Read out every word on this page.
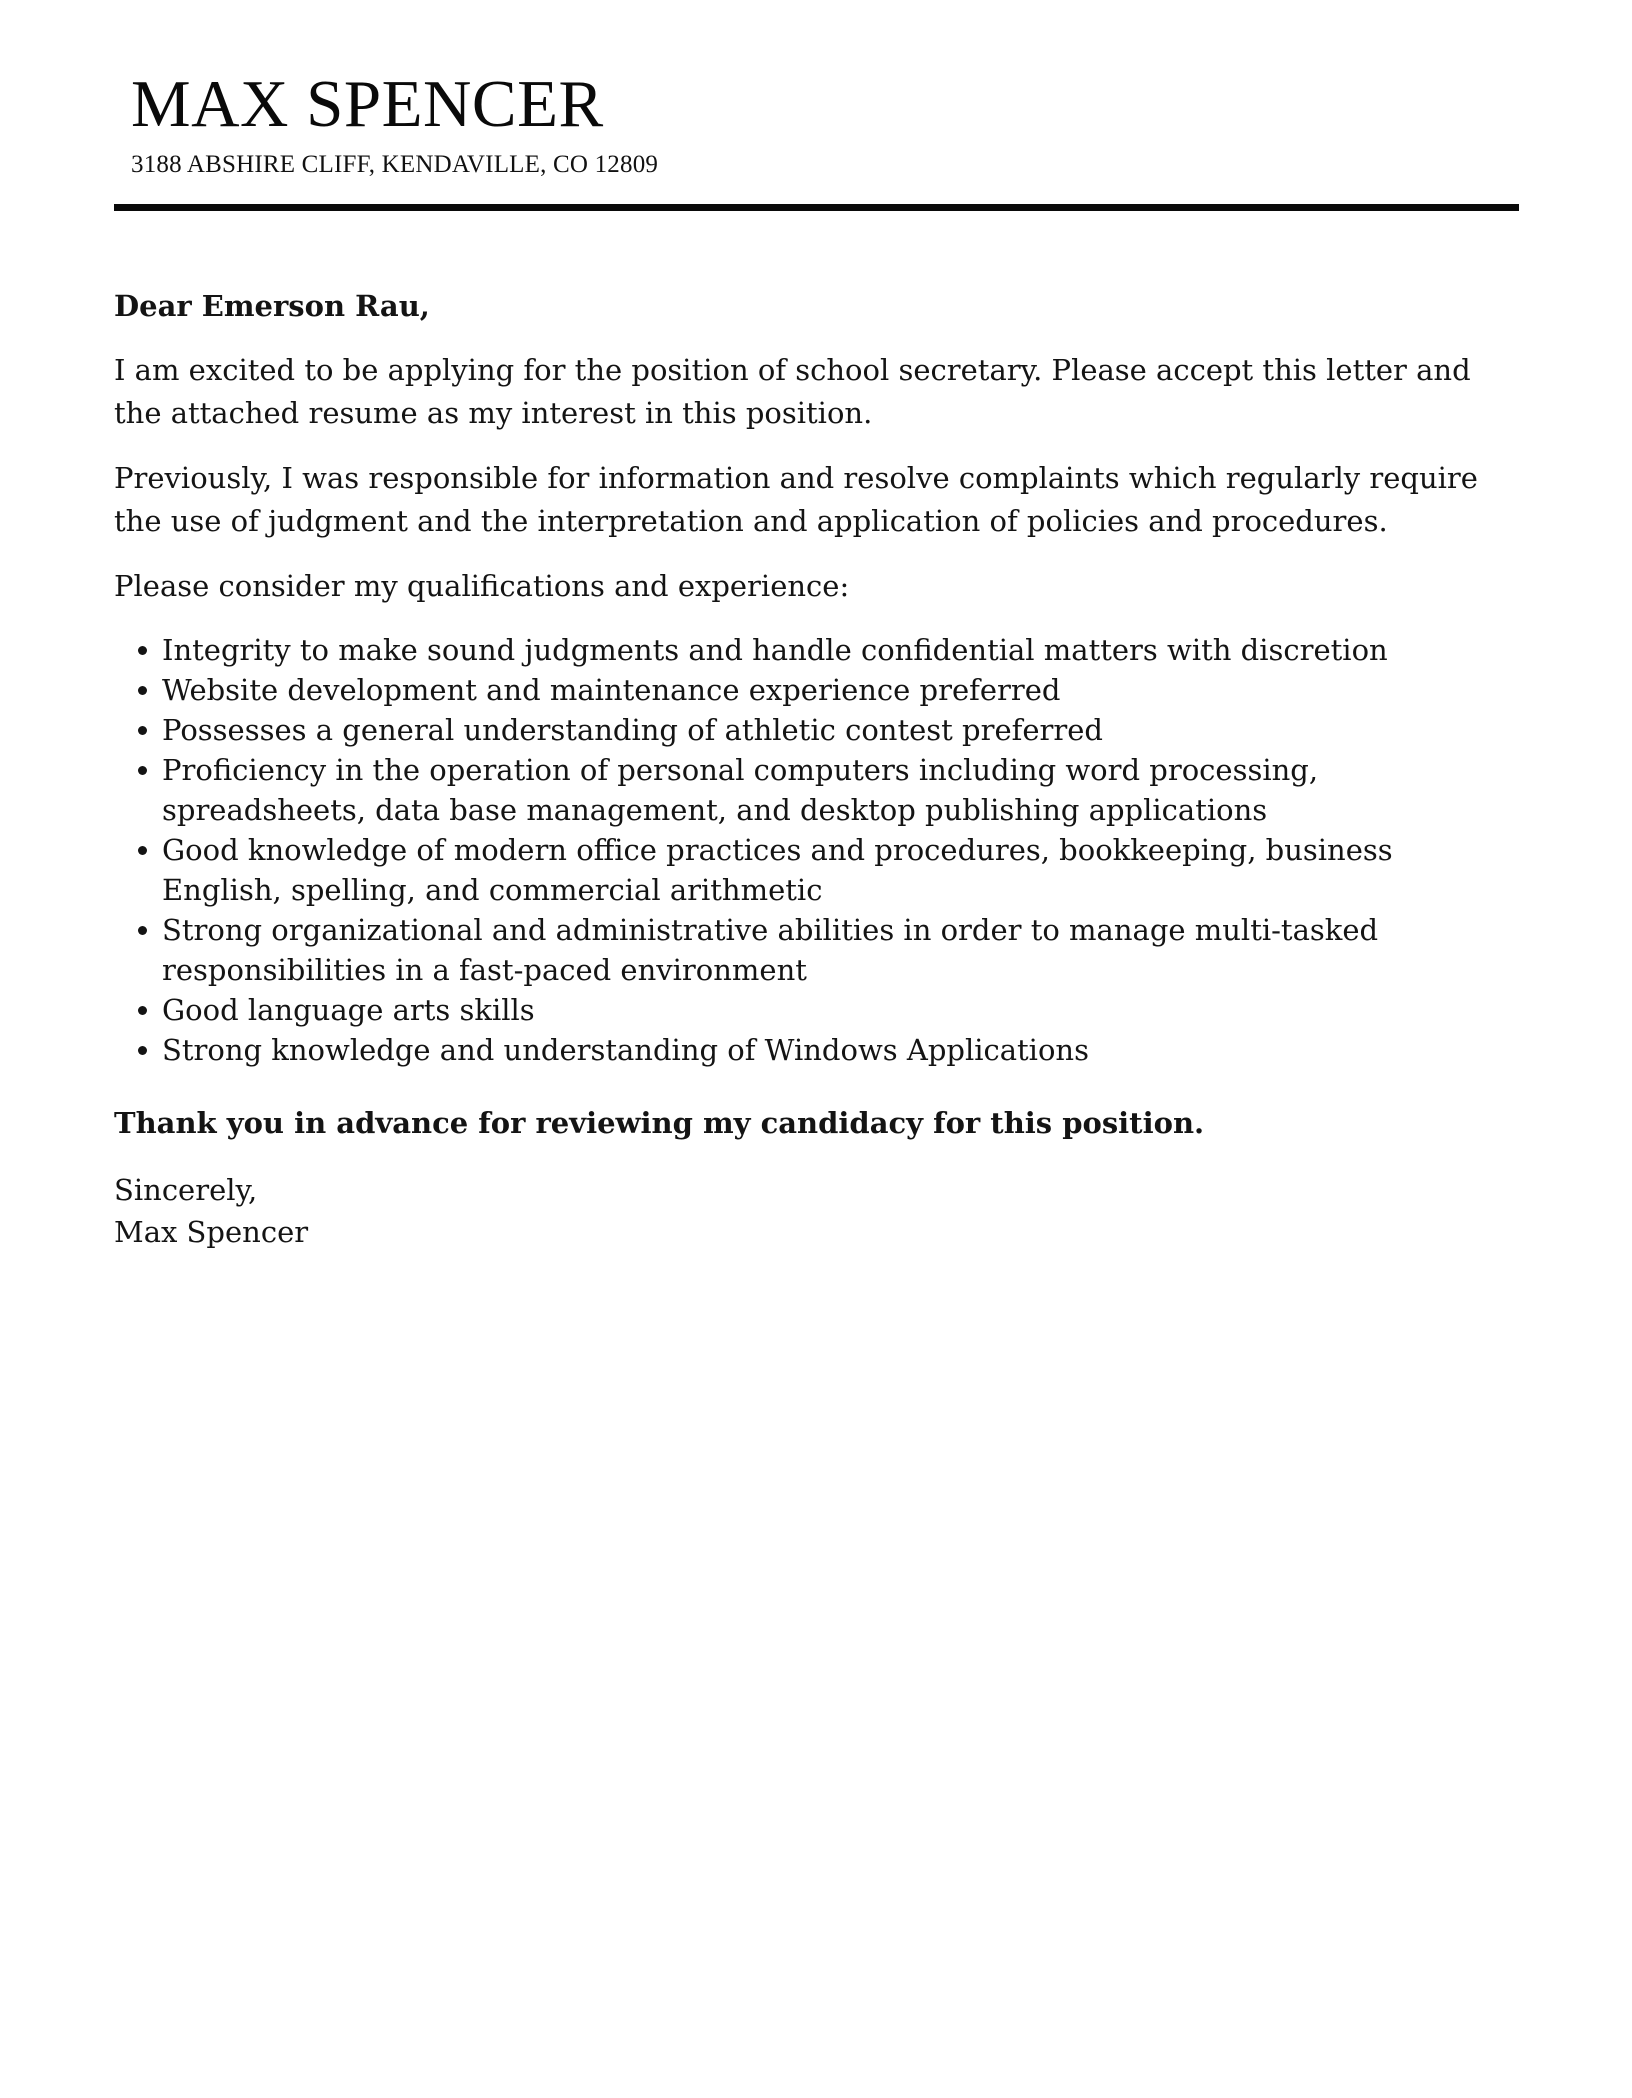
MAX SPENCER
3188 ABSHIRE CLIFF, KENDAVILLE, CO 12809

Dear Emerson Rau,

I am excited to be applying for the position of school secretary. Please accept this letter and the attached resume as my interest in this position.

Previously, I was responsible for information and resolve complaints which regularly require the use of judgment and the interpretation and application of policies and procedures.

Please consider my qualifications and experience:

Integrity to make sound judgments and handle confidential matters with discretion
Website development and maintenance experience preferred
Possesses a general understanding of athletic contest preferred
Proficiency in the operation of personal computers including word processing, spreadsheets, data base management, and desktop publishing applications
Good knowledge of modern office practices and procedures, bookkeeping, business English, spelling, and commercial arithmetic
Strong organizational and administrative abilities in order to manage multi-tasked responsibilities in a fast-paced environment
Good language arts skills
Strong knowledge and understanding of Windows Applications

Thank you in advance for reviewing my candidacy for this position.

Sincerely,

Max Spencer
